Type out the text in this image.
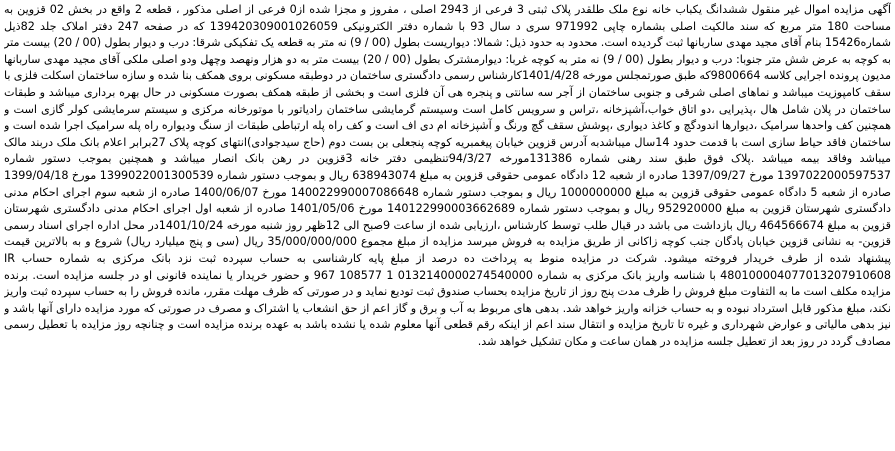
آگهی مزایده اموال غیر منقول ششدانگ یکباب خانه نوع ملک طلقدر پلاک ثبتی 3 فرعی از 2943 اصلی ، مفروز و مجزا شده از0 فرعی از اصلی مذکور ، قطعه 2 واقع در بخش 02 قزوین به مساحت 180 متر مربع که سند مالکیت اصلی بشماره چاپی 971992 سری د سال 93 با شماره دفتر الکترونیکی 139420309001026059 که در صفحه 247 دفتر املاک جلد 82ذیل شماره15426 بنام آقای مجید مهدی ساربانها ثبت گردیده است. محدود به حدود ذیل: شمالا: دیواریست بطول (00 / 9) نه متر به قطعه یک تفکیکی شرقا: درب و دیوار بطول (00 / 20) بیست متر به کوچه به عرض شش متر جنوبا: درب و دیوار بطول (00 / 9) نه متر به کوچه غربا: دیوارمشترک بطول (00 / 20) بیست متر به دو هزار ونهصد وچهل ودو اصلی ملکی آقای مجید مهدی ساربانها مدیون پرونده اجرایی کلاسه 9800664که طبق صورتمجلس مورخه 1401/4/28کارشناس رسمی دادگستری ساختمان در دوطبقه مسکونی بروی همکف بنا شده و سازه ساختمان اسکلت فلزی با سقف کامپوزیت میباشد و نماهای اصلی شرقی و جنوبی ساختمان از آجر سه سانتی و پنجره هی آن فلزی است و بخشی از طبقه همکف بصورت مسکونی در حال بهره برداری میباشد و طبقات ساختمان در پلان شامل هال ،پذیرایی ،دو اتاق خواب،آشپزخانه ،تراس و سرویس کامل است وسیستم گرمایشی ساختمان رادیاتور با موتورخانه مرکزی و سیستم سرمایشی کولر گازی است و همچنین کف واحدها سرامیک ،دیوارها اندودگچ و کاغذ دیواری ،پوشش سقف گچ ورنگ و آشپزخانه ام دی اف است و کف راه پله ارتباطی طبقات از سنگ ودیواره راه پله سرامیک اجرا شده است و ساختمان فاقد حیاط سازی است با قدمت حدود 14سال میباشدبه آدرس قزوین خیابان پیغمبریه کوچه پنجعلی بن بست دوم (حاج سیدجوادی)انتهای کوچه پلاک 27برابر اعلام بانک ملک دربند مالک میباشد وفاقد بیمه میباشد .پلاک فوق طبق سند رهنی شماره 131386مورخه 94/3/27تنظیمی دفتر خانه 3قزوین در رهن بانک انصار میباشد و همچنین بموجب دستور شماره 1397022000597537 مورخ 1397/09/27 صادره از شعبه 12 دادگاه عمومی حقوقی قزوین به مبلغ 638943074 ریال و بموجب دستور شماره 1399022001300539 مورخ 1399/04/18 صادره از شعبه 5 دادگاه عمومی حقوقی قزوین به مبلغ 1000000000 ریال و بموجب دستور شماره 140022990007086648 مورخ 1400/06/07 صادره از شعبه سوم اجرای احکام مدنی دادگستری شهرستان قزوین به مبلغ 952920000 ریال و بموجب دستور شماره 140122990003662689 مورخ 1401/05/06 صادره از شعبه اول اجرای احکام مدنی دادگستری شهرستان قزوین به مبلغ 464566674 ریال بازداشت می باشد در قبال طلب توسط کارشناس ،ارزیابی شده از ساعت 9صبح الی 12ظهر روز شنبه مورخه 1401/10/24در محل اداره اجرای اسناد رسمی قزوین- به نشانی قزوین خیابان پادگان جنب کوچه زاکانی از طریق مزایده به فروش میرسد مزایده از مبلغ مجموع 35/000/000/000 ریال (سی و پنج میلیارد ریال) شروع و به بالاترین قیمت پیشنهاد شده از طرف خریدار فروخته میشود. شرکت در مزایده منوط به پرداخت ده درصد از مبلغ پایه کارشناسی به حساب سپرده ثبت نزد بانک مرکزی به شماره حساب IR 480100004077013207910608 با شناسه واریز بانک مرکزی به شماره 0132140000274540000 1 108577 967 و حضور خریدار یا نماینده قانونی او در جلسه مزایده است. برنده مزایده مکلف است ما به التفاوت مبلغ فروش را ظرف مدت پنج روز از تاریخ مزایده بحساب صندوق ثبت تودیع نماید و در صورتی که ظرف مهلت مقرر، مانده فروش را به حساب سپرده ثبت واریز نکند، مبلغ مذکور قابل استرداد نبوده و به حساب خزانه واریز خواهد شد. بدهی های مربوط به آب و برق و گاز اعم از حق انشعاب یا اشتراک و مصرف در صورتی که مورد مزایده دارای آنها باشد و نیز بدهی مالیاتی و عوارض شهرداری و غیره تا تاریخ مزایده و انتقال سند اعم از اینکه رقم قطعی آنها معلوم شده یا نشده باشد به عهده برنده مزایده است و چنانچه روز مزایده با تعطیل رسمی مصادف گردد در روز بعد از تعطیل جلسه مزایده در همان ساعت و مکان تشکیل خواهد شد.
